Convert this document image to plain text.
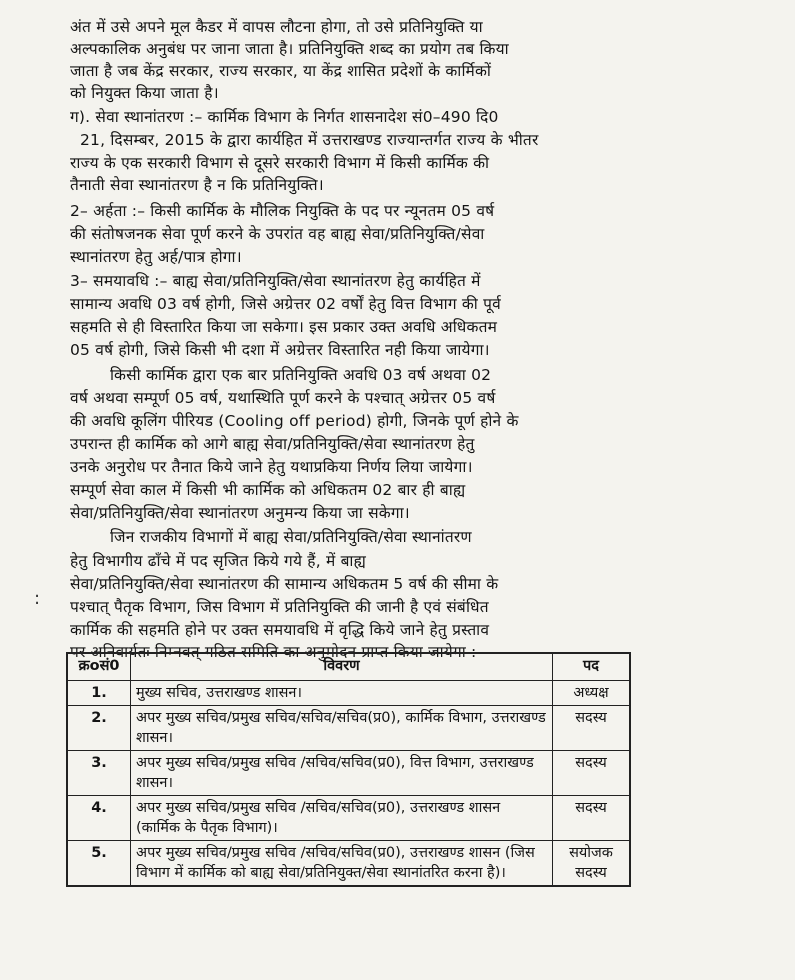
:
अंत में उसे अपने मूल कैडर में वापस लौटना होगा, तो उसे प्रतिनियुक्ति या
अल्पकालिक अनुबंध पर जाना जाता है। प्रतिनियुक्ति शब्द का प्रयोग तब किया
जाता है जब केंद्र सरकार, राज्य सरकार, या केंद्र शासित प्रदेशों के कार्मिकों
को नियुक्त किया जाता है।
ग). सेवा स्थानांतरण :– कार्मिक विभाग के निर्गत शासनादेश सं0–490 दि0
21, दिसम्बर, 2015 के द्वारा कार्यहित में उत्तराखण्ड राज्यान्तर्गत राज्य के भीतर
राज्य के एक सरकारी विभाग से दूसरे सरकारी विभाग में किसी कार्मिक की
तैनाती सेवा स्थानांतरण है न कि प्रतिनियुक्ति।
2– अर्हता :– किसी कार्मिक के मौलिक नियुक्ति के पद पर न्यूनतम 05 वर्ष
की संतोषजनक सेवा पूर्ण करने के उपरांत वह बाह्य सेवा/प्रतिनियुक्ति/सेवा
स्थानांतरण हेतु अर्ह/पात्र होगा।
3– समयावधि :– बाह्य सेवा/प्रतिनियुक्ति/सेवा स्थानांतरण हेतु कार्यहित में
सामान्य अवधि 03 वर्ष होगी, जिसे अग्रेत्तर 02 वर्षों हेतु वित्त विभाग की पूर्व
सहमति से ही विस्तारित किया जा सकेगा। इस प्रकार उक्त अवधि अधिकतम
05 वर्ष होगी, जिसे किसी भी दशा में अग्रेत्तर विस्तारित नही किया जायेगा।
किसी कार्मिक द्वारा एक बार प्रतिनियुक्ति अवधि 03 वर्ष अथवा 02
वर्ष अथवा सम्पूर्ण 05 वर्ष, यथास्थिति पूर्ण करने के पश्चात् अग्रेत्तर 05 वर्ष
की अवधि कूलिंग पीरियड (Cooling off period) होगी, जिनके पूर्ण होने के
उपरान्त ही कार्मिक को आगे बाह्य सेवा/प्रतिनियुक्ति/सेवा स्थानांतरण हेतु
उनके अनुरोध पर तैनात किये जाने हेतु यथाप्रकिया निर्णय लिया जायेगा।
सम्पूर्ण सेवा काल में किसी भी कार्मिक को अधिकतम 02 बार ही बाह्य
सेवा/प्रतिनियुक्ति/सेवा स्थानांतरण अनुमन्य किया जा सकेगा।
जिन राजकीय विभागों में बाह्य सेवा/प्रतिनियुक्ति/सेवा स्थानांतरण
हेतु विभागीय ढाँचे में पद सृजित किये गये हैं, में बाह्य
सेवा/प्रतिनियुक्ति/सेवा स्थानांतरण की सामान्य अधिकतम 5 वर्ष की सीमा के
पश्चात् पैतृक विभाग, जिस विभाग में प्रतिनियुक्ति की जानी है एवं संबंधित
कार्मिक की सहमति होने पर उक्त समयावधि में वृद्धि किये जाने हेतु प्रस्ताव
पर अनिवार्यतः निम्नवत् गठित समिति का अनुमोदन प्राप्त किया जायेगा :–
क्रoसं0	विवरण	पद
1.	मुख्य सचिव, उत्तराखण्ड शासन।	अध्यक्ष
2.	अपर मुख्य सचिव/प्रमुख सचिव/सचिव/सचिव(प्र0), कार्मिक विभाग, उत्तराखण्ड शासन।	सदस्य
3.	अपर मुख्य सचिव/प्रमुख सचिव /सचिव/सचिव(प्र0), वित्त विभाग, उत्तराखण्ड शासन।	सदस्य
4.	अपर मुख्य सचिव/प्रमुख सचिव /सचिव/सचिव(प्र0), उत्तराखण्ड शासन (कार्मिक के पैतृक विभाग)।	सदस्य
5.	अपर मुख्य सचिव/प्रमुख सचिव /सचिव/सचिव(प्र0), उत्तराखण्ड शासन (जिस विभाग में कार्मिक को बाह्य सेवा/प्रतिनियुक्त/सेवा स्थानांतरित करना है)।	सयोजक सदस्य
